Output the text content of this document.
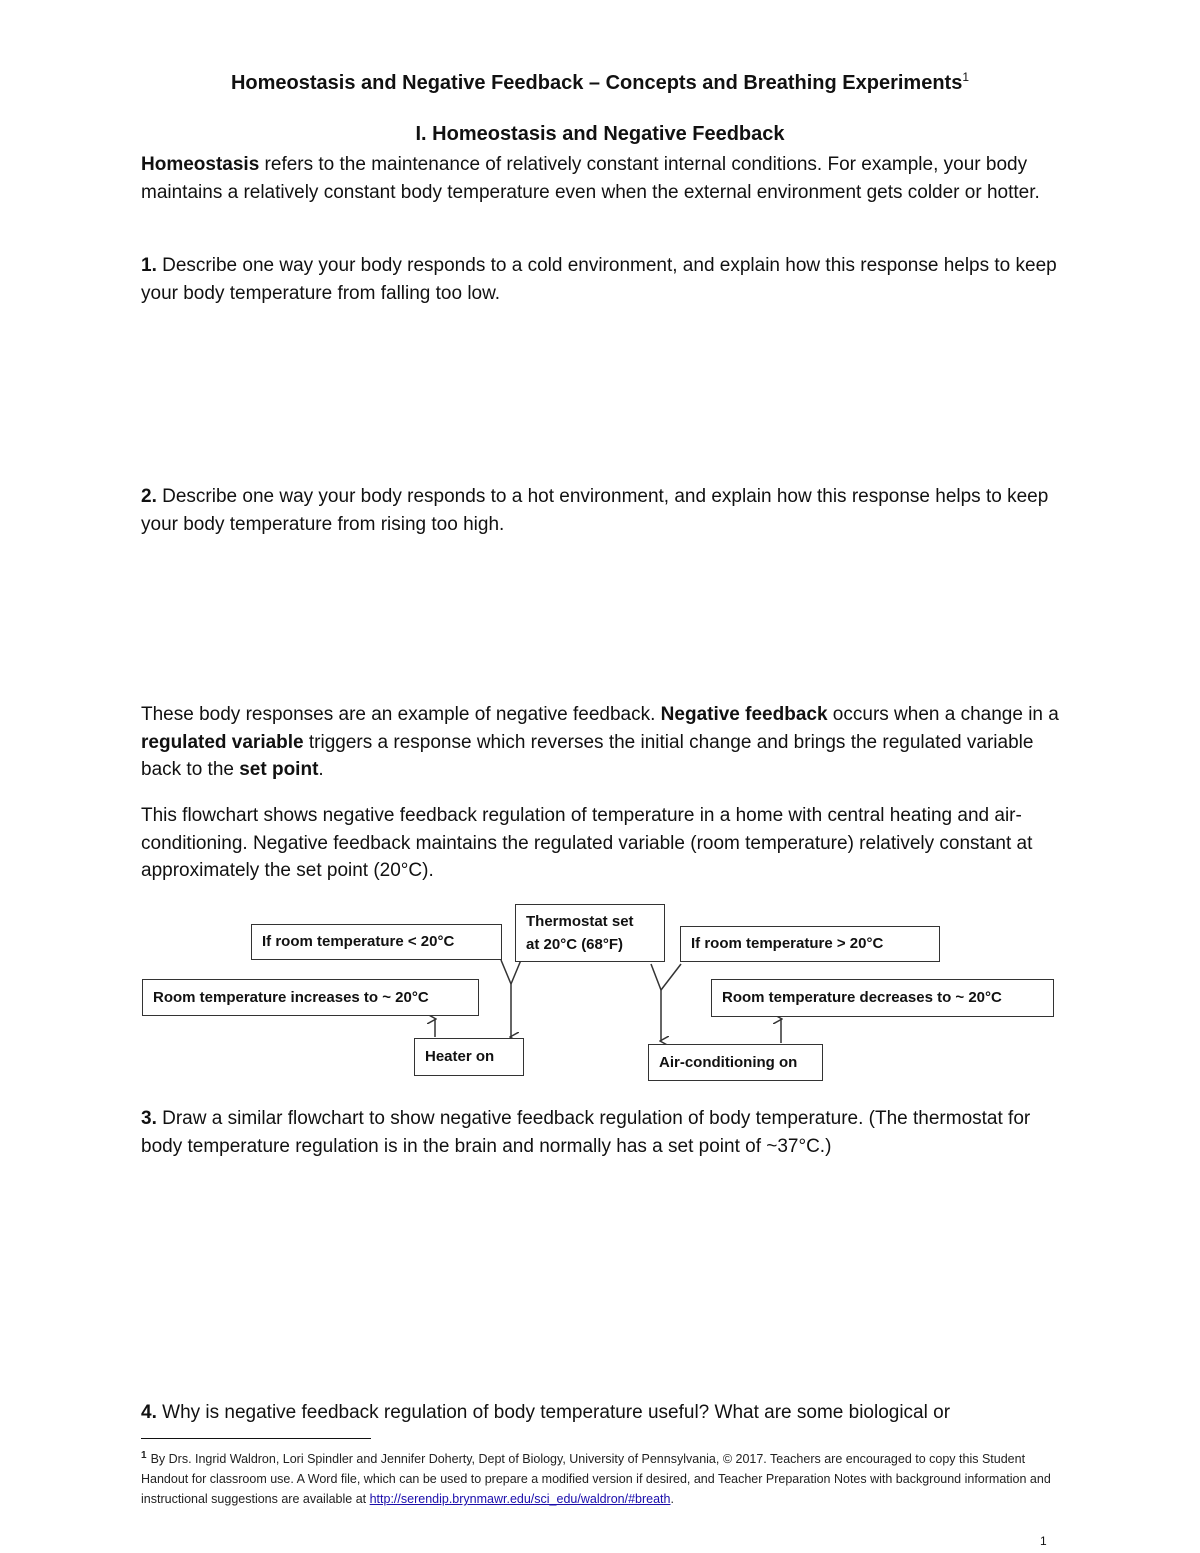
Homeostasis and Negative Feedback – Concepts and Breathing Experiments$^1$
I. Homeostasis and Negative Feedback
Homeostasis refers to the maintenance of relatively constant internal conditions. For example, your body maintains a relatively constant body temperature even when the external environment gets colder or hotter.
1. Describe one way your body responds to a cold environment, and explain how this response helps to keep your body temperature from falling too low.
2. Describe one way your body responds to a hot environment, and explain how this response helps to keep your body temperature from rising too high.
These body responses are an example of negative feedback. Negative feedback occurs when a change in a regulated variable triggers a response which reverses the initial change and brings the regulated variable back to the set point.
This flowchart shows negative feedback regulation of temperature in a home with central heating and air-conditioning. Negative feedback maintains the regulated variable (room temperature) relatively constant at approximately the set point (20°C).
Thermostat set
at 20°C (68°F)
If room temperature < 20°C	If room temperature > 20°C
Room temperature increases to ~ 20°C	Room temperature decreases to ~ 20°C
Heater on	Air-conditioning on
3. Draw a similar flowchart to show negative feedback regulation of body temperature. (The thermostat for body temperature regulation is in the brain and normally has a set point of ~37°C.)
4. Why is negative feedback regulation of body temperature useful? What are some biological or
$^1$ By Drs. Ingrid Waldron, Lori Spindler and Jennifer Doherty, Dept of Biology, University of Pennsylvania, © 2017. Teachers are encouraged to copy this Student Handout for classroom use. A Word file, which can be used to prepare a modified version if desired, and Teacher Preparation Notes with background information and instructional suggestions are available at http://serendip.brynmawr.edu/sci_edu/waldron/#breath.
1
